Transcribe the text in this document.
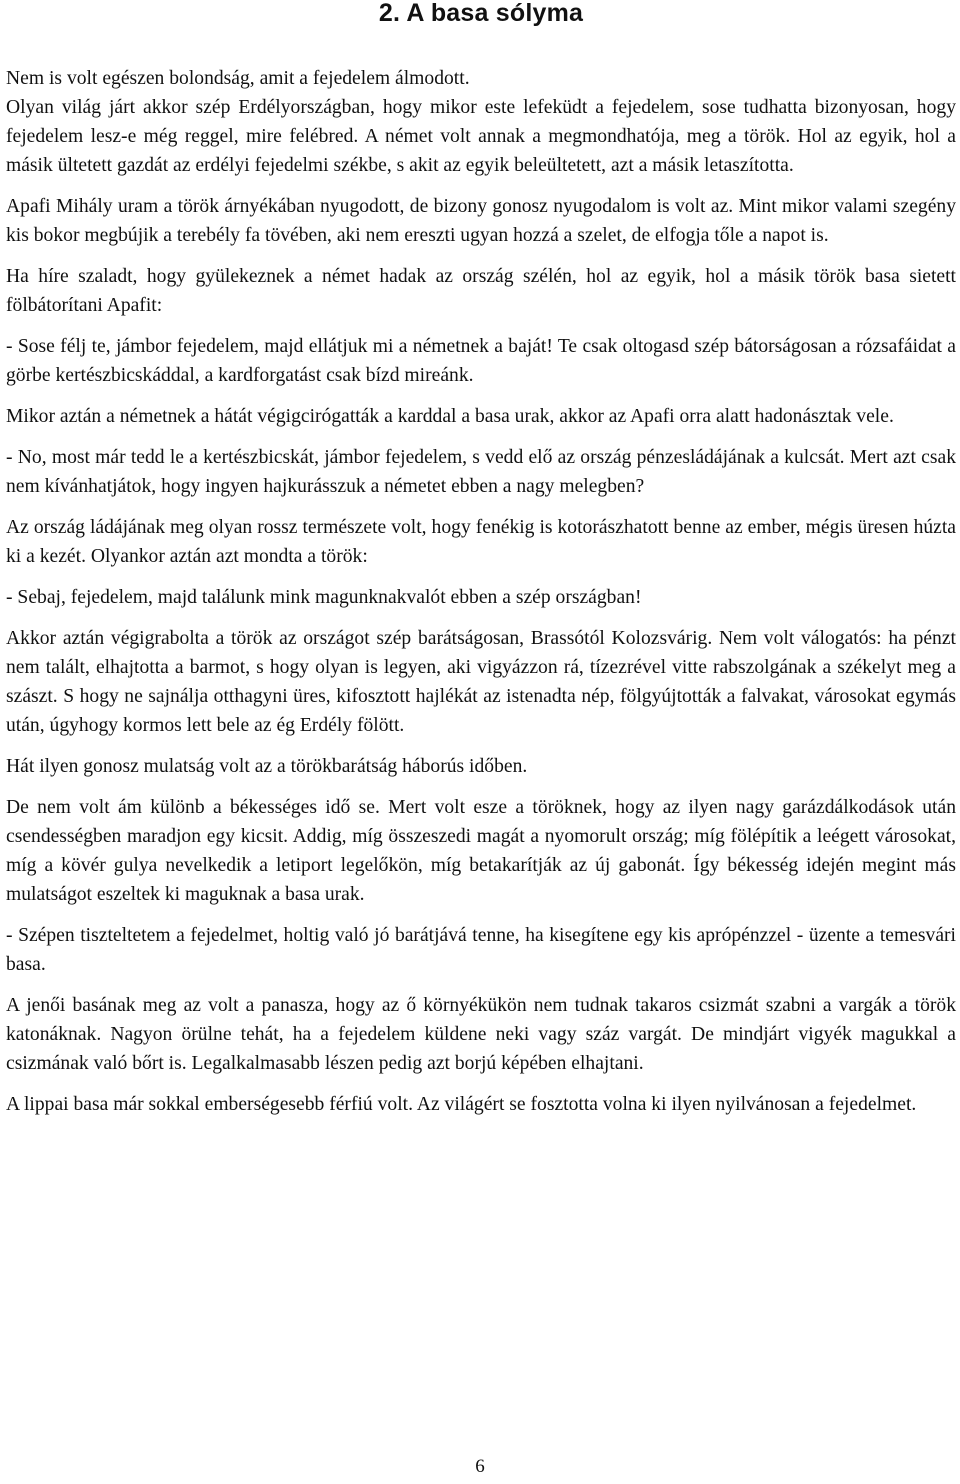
2. A basa sólyma

Nem is volt egészen bolondság, amit a fejedelem álmodott.

Olyan világ járt akkor szép Erdélyországban, hogy mikor este lefeküdt a fejedelem, sose tudhatta bizonyosan, hogy fejedelem lesz-e még reggel, mire felébred. A német volt annak a megmondhatója, meg a török. Hol az egyik, hol a másik ültetett gazdát az erdélyi fejedelmi székbe, s akit az egyik beleültetett, azt a másik letaszította.

Apafi Mihály uram a török árnyékában nyugodott, de bizony gonosz nyugodalom is volt az. Mint mikor valami szegény kis bokor megbújik a terebély fa tövében, aki nem ereszti ugyan hozzá a szelet, de elfogja tőle a napot is.

Ha híre szaladt, hogy gyülekeznek a német hadak az ország szélén, hol az egyik, hol a másik török basa sietett fölbátorítani Apafit:

- Sose félj te, jámbor fejedelem, majd ellátjuk mi a németnek a baját! Te csak oltogasd szép bátorságosan a rózsafáidat a görbe kertészbicskáddal, a kardforgatást csak bízd mireánk.

Mikor aztán a németnek a hátát végigcirógatták a karddal a basa urak, akkor az Apafi orra alatt hadonásztak vele.

- No, most már tedd le a kertészbicskát, jámbor fejedelem, s vedd elő az ország pénzesládájának a kulcsát. Mert azt csak nem kívánhatjátok, hogy ingyen hajkurásszuk a németet ebben a nagy melegben?

Az ország ládájának meg olyan rossz természete volt, hogy fenékig is kotorászhatott benne az ember, mégis üresen húzta ki a kezét. Olyankor aztán azt mondta a török:

- Sebaj, fejedelem, majd találunk mink magunknakvalót ebben a szép országban!

Akkor aztán végigrabolta a török az országot szép barátságosan, Brassótól Kolozsvárig. Nem volt válogatós: ha pénzt nem talált, elhajtotta a barmot, s hogy olyan is legyen, aki vigyázzon rá, tízezrével vitte rabszolgának a székelyt meg a szászt. S hogy ne sajnálja otthagyni üres, kifosztott hajlékát az istenadta nép, fölgyújtották a falvakat, városokat egymás után, úgyhogy kormos lett bele az ég Erdély fölött.

Hát ilyen gonosz mulatság volt az a törökbarátság háborús időben.

De nem volt ám különb a békességes idő se. Mert volt esze a töröknek, hogy az ilyen nagy garázdálkodások után csendességben maradjon egy kicsit. Addig, míg összeszedi magát a nyomorult ország; míg fölépítik a leégett városokat, míg a kövér gulya nevelkedik a letiport legelőkön, míg betakarítják az új gabonát. Így békesség idején megint más mulatságot eszeltek ki maguknak a basa urak.

- Szépen tiszteltetem a fejedelmet, holtig való jó barátjává tenne, ha kisegítene egy kis aprópénzzel - üzente a temesvári basa.

A jenői basának meg az volt a panasza, hogy az ő környékükön nem tudnak takaros csizmát szabni a vargák a török katonáknak. Nagyon örülne tehát, ha a fejedelem küldene neki vagy száz vargát. De mindjárt vigyék magukkal a csizmának való bőrt is. Legalkalmasabb lészen pedig azt borjú képében elhajtani.

A lippai basa már sokkal emberségesebb férfiú volt. Az világért se fosztotta volna ki ilyen nyilvánosan a fejedelmet.

6
